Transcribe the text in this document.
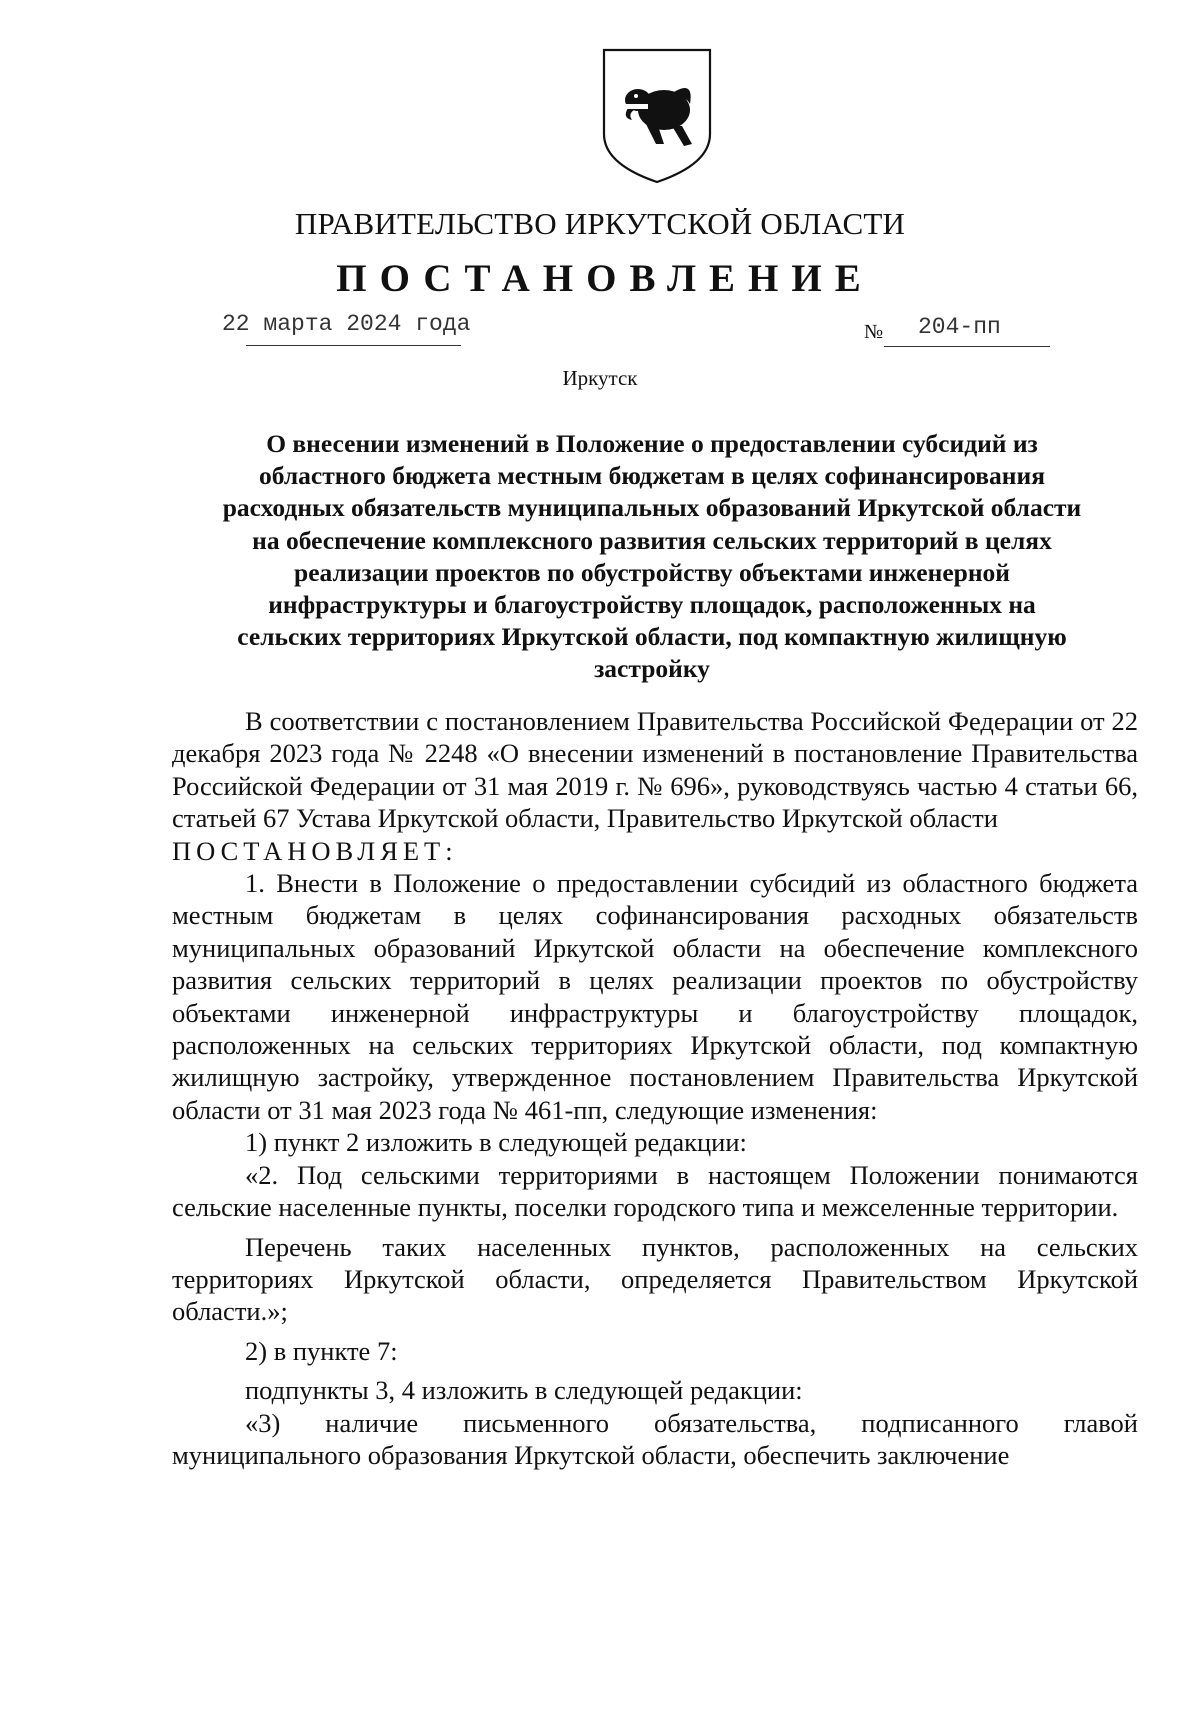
ПРАВИТЕЛЬСТВО ИРКУТСКОЙ ОБЛАСТИ
ПОСТАНОВЛЕНИЕ
22 марта 2024 года	№ 204-пп
Иркутск
О внесении изменений в Положение о предоставлении субсидий из
областного бюджета местным бюджетам в целях софинансирования
расходных обязательств муниципальных образований Иркутской области
на обеспечение комплексного развития сельских территорий в целях
реализации проектов по обустройству объектами инженерной
инфраструктуры и благоустройству площадок, расположенных на
сельских территориях Иркутской области, под компактную жилищную
застройку

В соответствии с постановлением Правительства Российской Федерации от 22 декабря 2023 года № 2248 «О внесении изменений в постановление Правительства Российской Федерации от 31 мая 2019 г. № 696», руководствуясь частью 4 статьи 66, статьей 67 Устава Иркутской области, Правительство Иркутской области

ПОСТАНОВЛЯЕТ:

1. Внести в Положение о предоставлении субсидий из областного бюджета местным бюджетам в целях софинансирования расходных обязательств муниципальных образований Иркутской области на обеспечение комплексного развития сельских территорий в целях реализации проектов по обустройству объектами инженерной инфраструктуры и благоустройству площадок, расположенных на сельских территориях Иркутской области, под компактную жилищную застройку, утвержденное постановлением Правительства Иркутской области от 31 мая 2023 года № 461-пп, следующие изменения:

1) пункт 2 изложить в следующей редакции:

«2. Под сельскими территориями в настоящем Положении понимаются сельские населенные пункты, поселки городского типа и межселенные территории.

Перечень таких населенных пунктов, расположенных на сельских территориях Иркутской области, определяется Правительством Иркутской области.»;

2) в пункте 7:

подпункты 3, 4 изложить в следующей редакции:

«3) наличие письменного обязательства, подписанного главой муниципального образования Иркутской области, обеспечить заключение
